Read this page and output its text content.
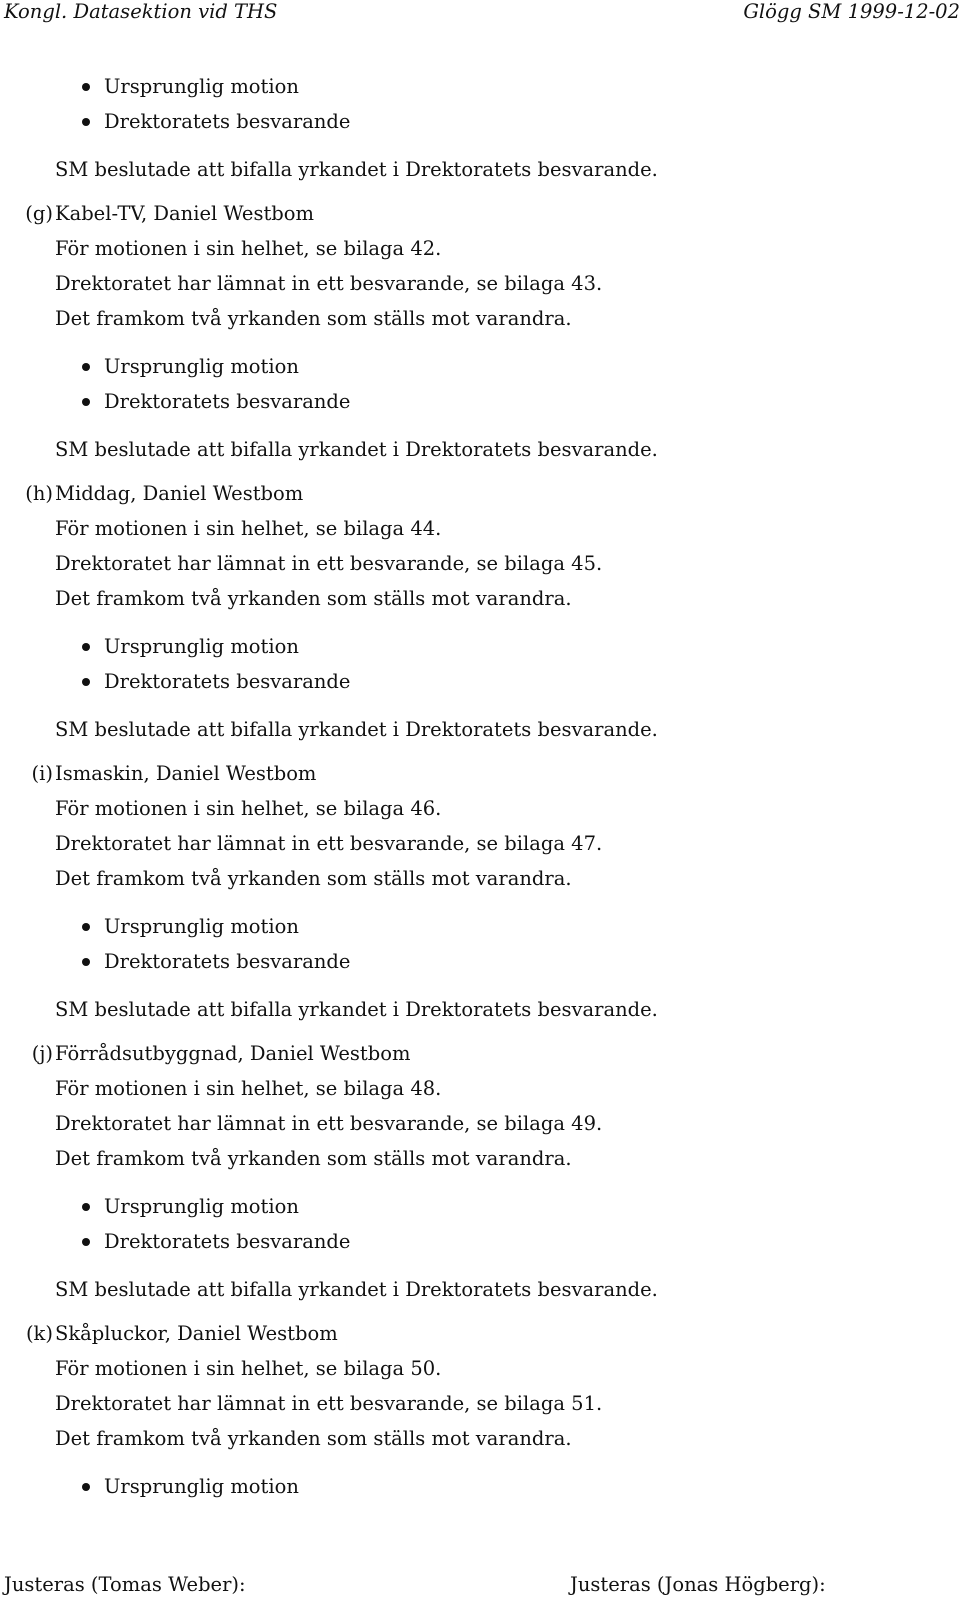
Kongl. Datasektion vid THS	Glögg SM 1999-12-02
Ursprunglig motion
Drektoratets besvarande
SM beslutade att bifalla yrkandet i Drektoratets besvarande.
(g) Kabel-TV, Daniel Westbom
För motionen i sin helhet, se bilaga 42.
Drektoratet har lämnat in ett besvarande, se bilaga 43.
Det framkom två yrkanden som ställs mot varandra.
Ursprunglig motion
Drektoratets besvarande
SM beslutade att bifalla yrkandet i Drektoratets besvarande.
(h) Middag, Daniel Westbom
För motionen i sin helhet, se bilaga 44.
Drektoratet har lämnat in ett besvarande, se bilaga 45.
Det framkom två yrkanden som ställs mot varandra.
Ursprunglig motion
Drektoratets besvarande
SM beslutade att bifalla yrkandet i Drektoratets besvarande.
(i) Ismaskin, Daniel Westbom
För motionen i sin helhet, se bilaga 46.
Drektoratet har lämnat in ett besvarande, se bilaga 47.
Det framkom två yrkanden som ställs mot varandra.
Ursprunglig motion
Drektoratets besvarande
SM beslutade att bifalla yrkandet i Drektoratets besvarande.
(j) Förrådsutbyggnad, Daniel Westbom
För motionen i sin helhet, se bilaga 48.
Drektoratet har lämnat in ett besvarande, se bilaga 49.
Det framkom två yrkanden som ställs mot varandra.
Ursprunglig motion
Drektoratets besvarande
SM beslutade att bifalla yrkandet i Drektoratets besvarande.
(k) Skåpluckor, Daniel Westbom
För motionen i sin helhet, se bilaga 50.
Drektoratet har lämnat in ett besvarande, se bilaga 51.
Det framkom två yrkanden som ställs mot varandra.
Ursprunglig motion
Justeras (Tomas Weber):	Justeras (Jonas Högberg):
